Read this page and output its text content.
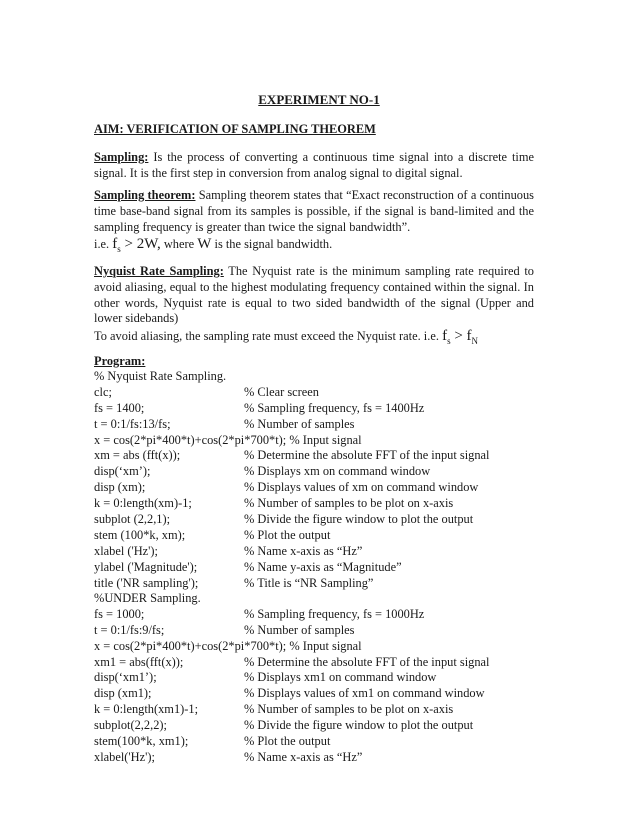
EXPERIMENT NO-1
AIM: VERIFICATION OF SAMPLING THEOREM
Sampling: Is the process of converting a continuous time signal into a discrete time signal. It is the first step in conversion from analog signal to digital signal.
Sampling theorem: Sampling theorem states that “Exact reconstruction of a continuous time base-band signal from its samples is possible, if the signal is band-limited and the sampling frequency is greater than twice the signal bandwidth”.
i.e. $f_s > 2W$, where W is the signal bandwidth.
Nyquist Rate Sampling: The Nyquist rate is the minimum sampling rate required to avoid aliasing, equal to the highest modulating frequency contained within the signal. In other words, Nyquist rate is equal to two sided bandwidth of the signal (Upper and lower sidebands)
To avoid aliasing, the sampling rate must exceed the Nyquist rate. i.e. $f_s > f_N$
Program:
% Nyquist Rate Sampling.
clc;	% Clear screen
fs = 1400;	% Sampling frequency, fs = 1400Hz
t = 0:1/fs:13/fs;	% Number of samples
x = cos(2*pi*400*t)+cos(2*pi*700*t); % Input signal
xm = abs (fft(x));	% Determine the absolute FFT of the input signal
disp(‘xm’);	% Displays xm on command window
disp (xm);	% Displays values of xm on command window
k = 0:length(xm)-1;	% Number of samples to be plot on x-axis
subplot (2,2,1);	% Divide the figure window to plot the output
stem (100*k, xm);	% Plot the output
xlabel ('Hz');	% Name x-axis as “Hz”
ylabel ('Magnitude');	% Name y-axis as “Magnitude”
title ('NR sampling');	% Title is “NR Sampling”
%UNDER Sampling.
fs = 1000;	% Sampling frequency, fs = 1000Hz
t = 0:1/fs:9/fs;	% Number of samples
x = cos(2*pi*400*t)+cos(2*pi*700*t); % Input signal
xm1 = abs(fft(x));	% Determine the absolute FFT of the input signal
disp(‘xm1’);	% Displays xm1 on command window
disp (xm1);	% Displays values of xm1 on command window
k = 0:length(xm1)-1;	% Number of samples to be plot on x-axis
subplot(2,2,2);	% Divide the figure window to plot the output
stem(100*k, xm1);	% Plot the output
xlabel('Hz');	% Name x-axis as “Hz”
